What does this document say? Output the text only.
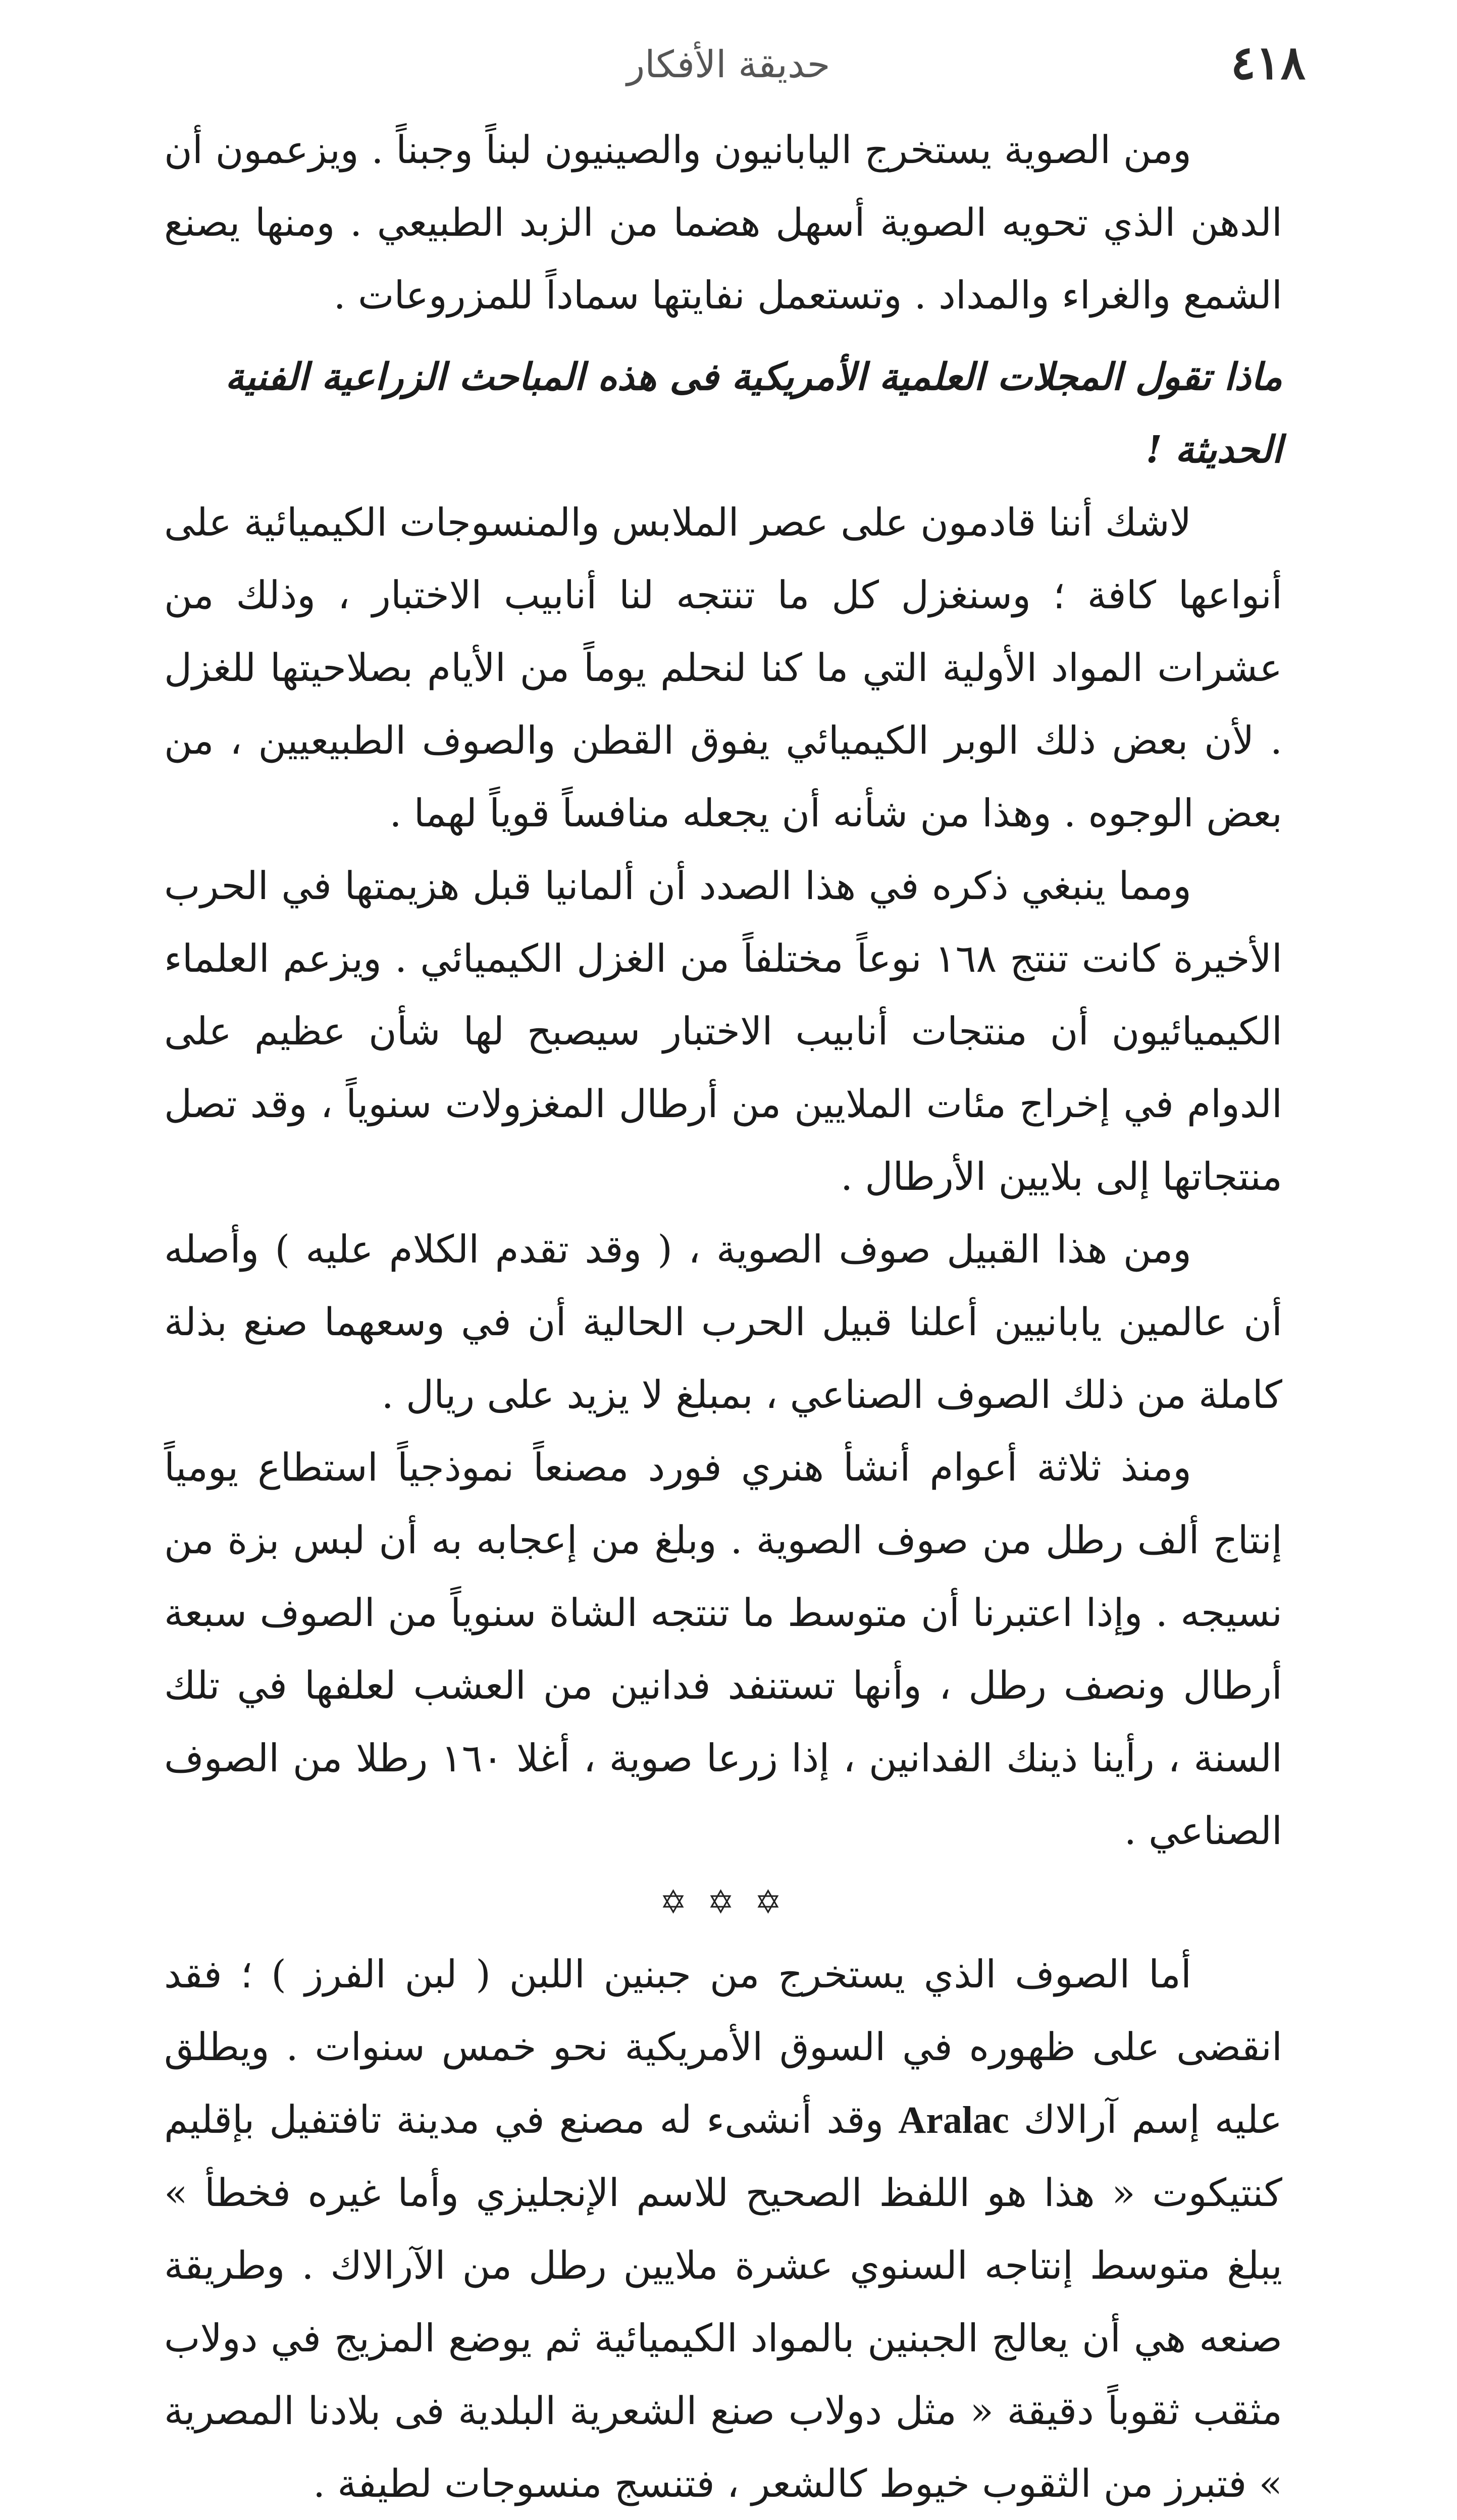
٤١٨
حديقة الأفكار

ومن الصوية يستخرج اليابانيون والصينيون لبناً وجبناً . ويزعمون أن الدهن الذي تحويه الصوية أسهل هضما من الزبد الطبيعي . ومنها يصنع الشمع والغراء والمداد . وتستعمل نفايتها سماداً للمزروعات .

ماذا تقول المجلات العلمية الأمريكية فى هذه المباحث الزراعية الفنية الحديثة !

لاشك أننا قادمون على عصر الملابس والمنسوجات الكيميائية على أنواعها كافة ؛ وسنغزل كل ما تنتجه لنا أنابيب الاختبار ، وذلك من عشرات المواد الأولية التي ما كنا لنحلم يوماً من الأيام بصلاحيتها للغزل . لأن بعض ذلك الوبر الكيميائي يفوق القطن والصوف الطبيعيين ، من بعض الوجوه . وهذا من شأنه أن يجعله منافساً قوياً لهما .

ومما ينبغي ذكره في هذا الصدد أن ألمانيا قبل هزيمتها في الحرب الأخيرة كانت تنتج ١٦٨ نوعاً مختلفاً من الغزل الكيميائي . ويزعم العلماء الكيميائيون أن منتجات أنابيب الاختبار سيصبح لها شأن عظيم على الدوام في إخراج مئات الملايين من أرطال المغزولات سنوياً ، وقد تصل منتجاتها إلى بلايين الأرطال .

ومن هذا القبيل صوف الصوية ، ( وقد تقدم الكلام عليه ) وأصله أن عالمين يابانيين أعلنا قبيل الحرب الحالية أن في وسعهما صنع بذلة كاملة من ذلك الصوف الصناعي ، بمبلغ لا يزيد على ريال .

ومنذ ثلاثة أعوام أنشأ هنري فورد مصنعاً نموذجياً استطاع يومياً إنتاج ألف رطل من صوف الصوية . وبلغ من إعجابه به أن لبس بزة من نسيجه . وإذا اعتبرنا أن متوسط ما تنتجه الشاة سنوياً من الصوف سبعة أرطال ونصف رطل ، وأنها تستنفد فدانين من العشب لعلفها في تلك السنة ، رأينا ذينك الفدانين ، إذا زرعا صوية ، أغلا ١٦٠ رطلا من الصوف الصناعي .

✡ ✡ ✡

أما الصوف الذي يستخرج من جبنين اللبن ( لبن الفرز ) ؛ فقد انقضى على ظهوره في السوق الأمريكية نحو خمس سنوات . ويطلق عليه إسم آرالاك Aralac وقد أنشىء له مصنع في مدينة تافتفيل بإقليم كنتيكوت « هذا هو اللفظ الصحيح للاسم الإنجليزي وأما غيره فخطأ » يبلغ متوسط إنتاجه السنوي عشرة ملايين رطل من الآرالاك . وطريقة صنعه هي أن يعالج الجبنين بالمواد الكيميائية ثم يوضع المزيج في دولاب مثقب ثقوباً دقيقة « مثل دولاب صنع الشعرية البلدية فى بلادنا المصرية » فتبرز من الثقوب خيوط كالشعر ، فتنسج منسوجات لطيفة .
